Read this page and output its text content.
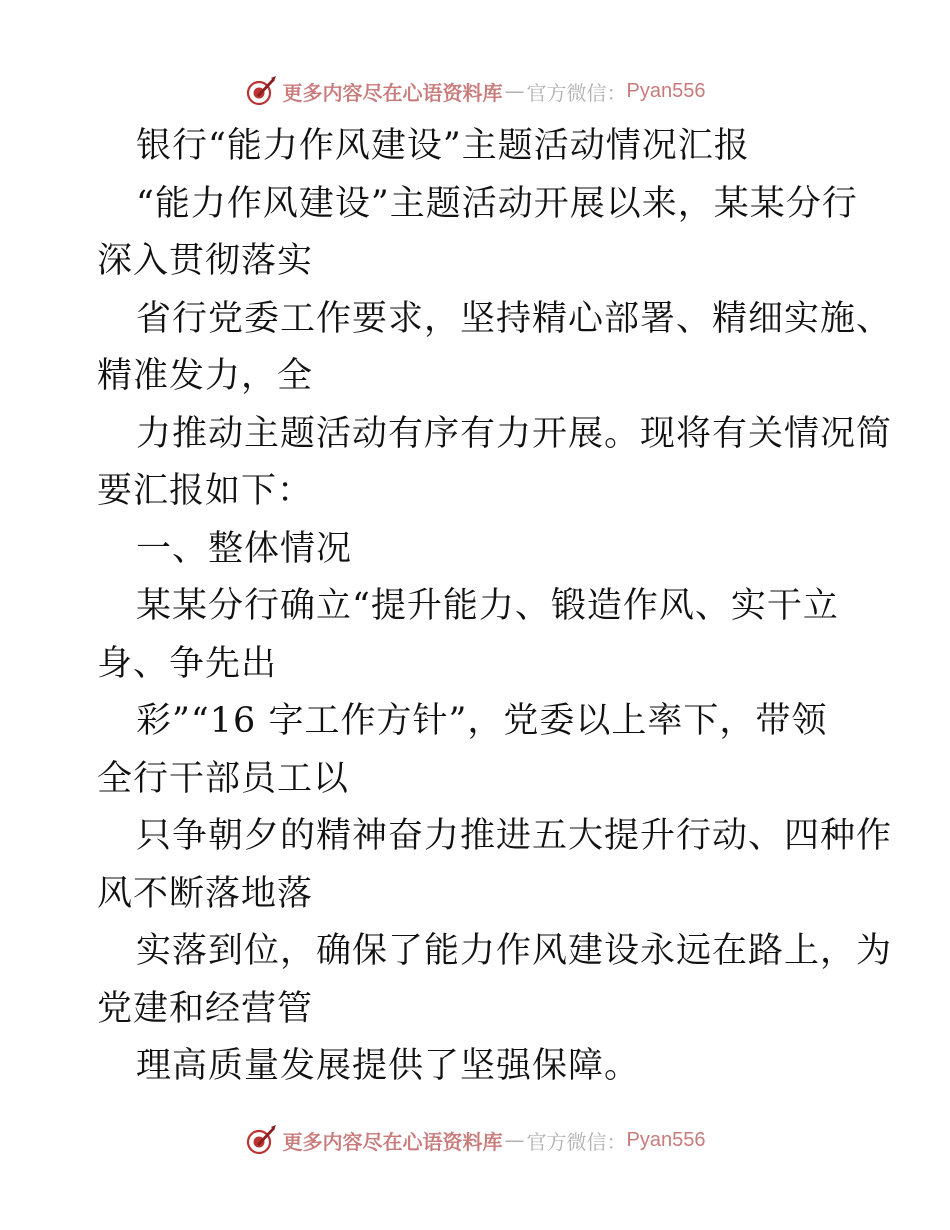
更多内容尽在心语资料库 — 官方微信： Pyan556
银行“能力作风建设”主题活动情况汇报
“能力作风建设”主题活动开展以来，某某分行
深入贯彻落实
省行党委工作要求，坚持精心部署、精细实施、
精准发力，全
力推动主题活动有序有力开展。现将有关情况简
要汇报如下：
一、整体情况
某某分行确立“提升能力、锻造作风、实干立
身、争先出
彩”“16 字工作方针”，党委以上率下，带领
全行干部员工以
只争朝夕的精神奋力推进五大提升行动、四种作
风不断落地落
实落到位，确保了能力作风建设永远在路上，为
党建和经营管
理高质量发展提供了坚强保障。
更多内容尽在心语资料库 — 官方微信： Pyan556
